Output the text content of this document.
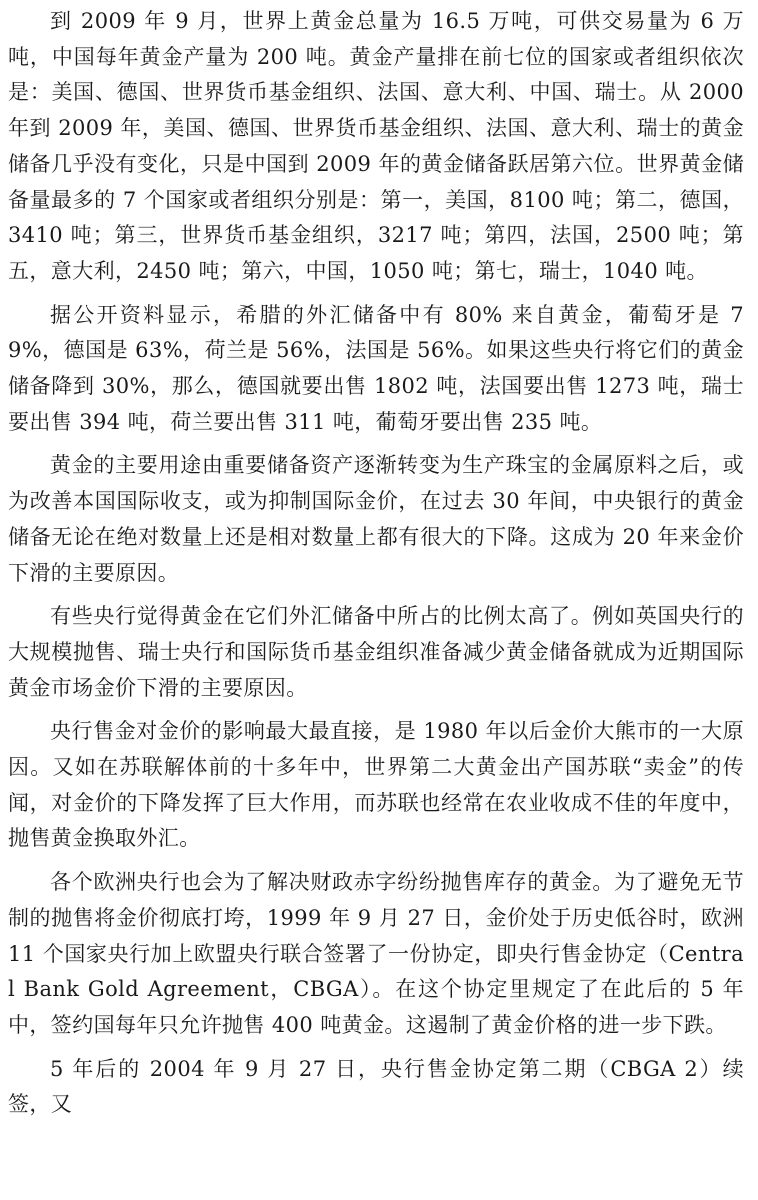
到 2009 年 9 月，世界上黄金总量为 16.5 万吨，可供交易量为 6 万吨，中国每年黄金产量为 200 吨。黄金产量排在前七位的国家或者组织依次是：美国、德国、世界货币基金组织、法国、意大利、中国、瑞士。从 2000 年到 2009 年，美国、德国、世界货币基金组织、法国、意大利、瑞士的黄金储备几乎没有变化，只是中国到 2009 年的黄金储备跃居第六位。世界黄金储备量最多的 7 个国家或者组织分别是：第一，美国，8100 吨；第二，德国，3410 吨；第三，世界货币基金组织，3217 吨；第四，法国，2500 吨；第五，意大利，2450 吨；第六，中国，1050 吨；第七，瑞士，1040 吨。

据公开资料显示，希腊的外汇储备中有 80% 来自黄金，葡萄牙是 79%，德国是 63%，荷兰是 56%，法国是 56%。如果这些央行将它们的黄金储备降到 30%，那么，德国就要出售 1802 吨，法国要出售 1273 吨，瑞士要出售 394 吨，荷兰要出售 311 吨，葡萄牙要出售 235 吨。

黄金的主要用途由重要储备资产逐渐转变为生产珠宝的金属原料之后，或为改善本国国际收支，或为抑制国际金价，在过去 30 年间，中央银行的黄金储备无论在绝对数量上还是相对数量上都有很大的下降。这成为 20 年来金价下滑的主要原因。

有些央行觉得黄金在它们外汇储备中所占的比例太高了。例如英国央行的大规模抛售、瑞士央行和国际货币基金组织准备减少黄金储备就成为近期国际黄金市场金价下滑的主要原因。

央行售金对金价的影响最大最直接，是 1980 年以后金价大熊市的一大原因。又如在苏联解体前的十多年中，世界第二大黄金出产国苏联“卖金”的传闻，对金价的下降发挥了巨大作用，而苏联也经常在农业收成不佳的年度中，抛售黄金换取外汇。

各个欧洲央行也会为了解决财政赤字纷纷抛售库存的黄金。为了避免无节制的抛售将金价彻底打垮，1999 年 9 月 27 日，金价处于历史低谷时，欧洲 11 个国家央行加上欧盟央行联合签署了一份协定，即央行售金协定（Central Bank Gold Agreement，CBGA）。在这个协定里规定了在此后的 5 年中，签约国每年只允许抛售 400 吨黄金。这遏制了黄金价格的进一步下跌。

5 年后的 2004 年 9 月 27 日，央行售金协定第二期（CBGA 2）续签，又
